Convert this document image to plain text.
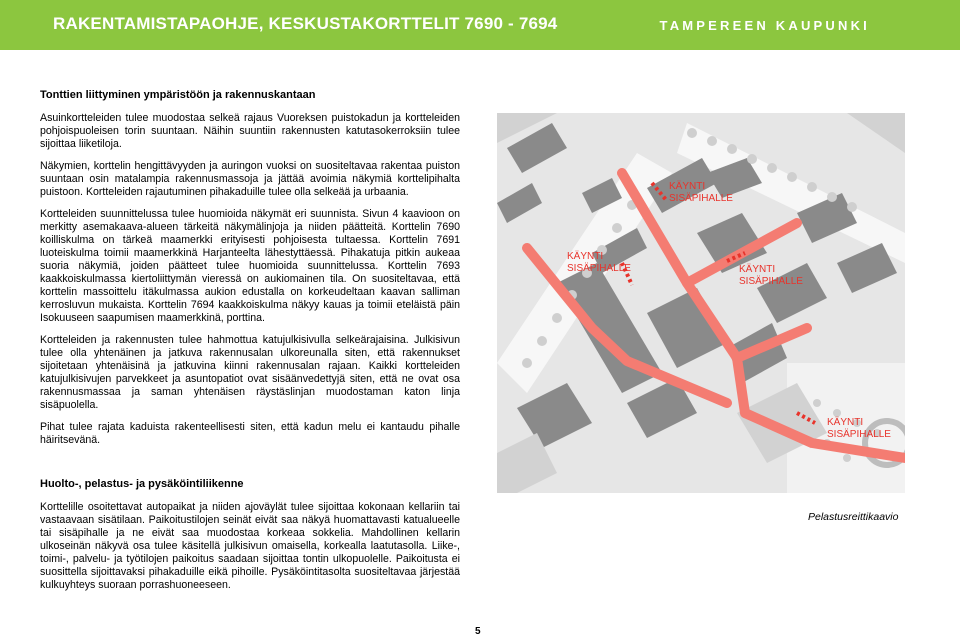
RAKENTAMISTAPAOHJE, KESKUSTAKORTTELIT 7690 - 7694	TAMPEREEN KAUPUNKI

Tonttien liittyminen ympäristöön ja rakennuskantaan

Asuinkortteleiden tulee muodostaa selkeä rajaus Vuoreksen puistokadun ja kortteleiden pohjoispuoleisen torin suuntaan. Näihin suuntiin rakennusten katutasokerroksiin tulee sijoittaa liiketiloja.

Näkymien, korttelin hengittävyyden ja auringon vuoksi on suositeltavaa rakentaa puiston suuntaan osin matalampia rakennusmassoja ja jättää avoimia näkymiä korttelipihalta puistoon. Kortteleiden rajautuminen pihakaduille tulee olla selkeää ja urbaania.

Kortteleiden suunnittelussa tulee huomioida näkymät eri suunnista. Sivun 4 kaavioon on merkitty asemakaava-alueen tärkeitä näkymälinjoja ja niiden päätteitä. Korttelin 7690 koilliskulma on tärkeä maamerkki erityisesti pohjoisesta tultaessa. Korttelin 7691 luoteiskulma toimii maamerkkinä Harjanteelta lähestyttäessä. Pihakatuja pitkin aukeaa suoria näkymiä, joiden päätteet tulee huomioida suunnittelussa. Korttelin 7693 kaakkoiskulmassa kiertoliittymän vieressä on aukiomainen tila. On suositeltavaa, että korttelin massoittelu itäkulmassa aukion edustalla on korkeudeltaan kaavan salliman kerrosluvun mukaista. Korttelin 7694 kaakkoiskulma näkyy kauas ja toimii eteläistä päin Isokuuseen saapumisen maamerkkinä, porttina.

Kortteleiden ja rakennusten tulee hahmottua katujulkisivulla selkeärajaisina. Julkisivun tulee olla yhtenäinen ja jatkuva rakennusalan ulkoreunalla siten, että rakennukset sijoitetaan yhtenäisinä ja jatkuvina kiinni rakennusalan rajaan. Kaikki kortteleiden katujulkisivujen parvekkeet ja asuntopatiot ovat sisäänvedettyjä siten, että ne ovat osa rakennusmassaa ja saman yhtenäisen räystäslinjan muodostaman katon linja sisäpuolella.

Pihat tulee rajata kaduista rakenteellisesti siten, että kadun melu ei kantaudu pihalle häiritsevänä.

Huolto-, pelastus- ja pysäköintiliikenne

Korttelille osoitettavat autopaikat ja niiden ajoväylät tulee sijoittaa kokonaan kellariin tai vastaavaan sisätilaan. Paikoitustilojen seinät eivät saa näkyä huomattavasti katualueelle tai sisäpihalle ja ne eivät saa muodostaa korkeaa sokkelia. Mahdollinen kellarin ulkoseinän näkyvä osa tulee käsitellä julkisivun omaisella, korkealla laatutasolla. Liike-, toimi-, palvelu- ja työtilojen paikoitus saadaan sijoittaa tontin ulkopuolelle. Paikoitusta ei suosittella sijoittavaksi pihakaduille eikä pihoille. Pysäköintitasolta suositeltavaa järjestää kulkuyhteys suoraan porrashuoneeseen.

KÄYNTI SISÄPIHALLE
KÄYNTI SISÄPIHALLE	KÄYNTI SISÄPIHALLE
KÄYNTI SISÄPIHALLE
Pelastusreittikaavio
5
